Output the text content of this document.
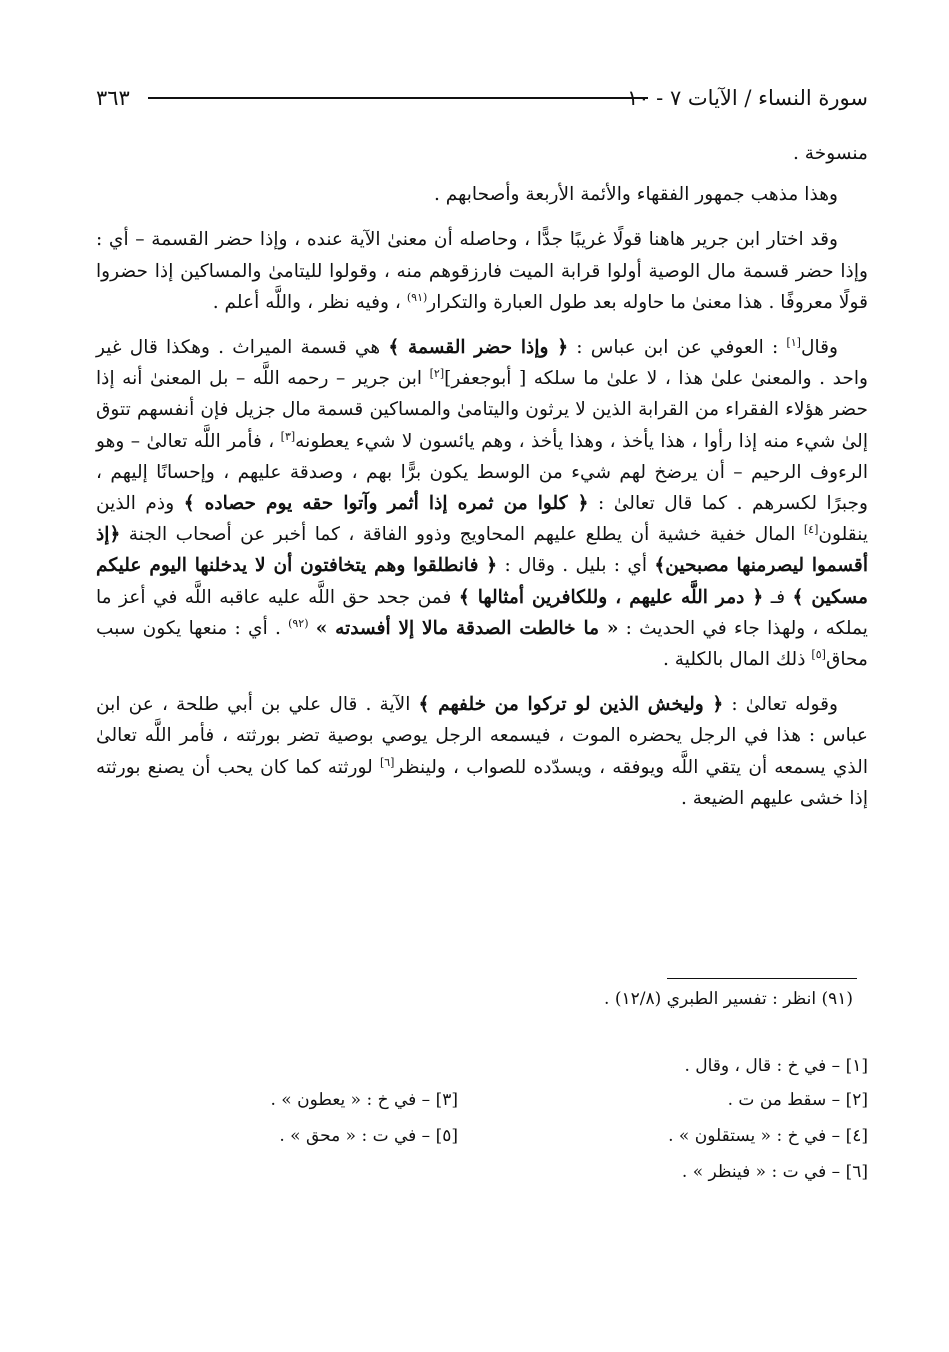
سورة النساء / الآيات ٧ - ١٠
٣٦٣

منسوخة .

وهذا مذهب جمهور الفقهاء والأئمة الأربعة وأصحابهم .

وقد اختار ابن جرير هاهنا قولًا غريبًا جدًّا ، وحاصله أن معنىٰ الآية عنده ، وإذا حضر القسمة – أي : وإذا حضر قسمة مال الوصية أولوا قرابة الميت فارزقوهم منه ، وقولوا لليتامىٰ والمساكين إذا حضروا قولًا معروفًا . هذا معنىٰ ما حاوله بعد طول العبارة والتكرار$^{(٩١)}$ ، وفيه نظر ، واللَّه أعلم .

وقال[١] : العوفي عن ابن عباس : ﴿ وإذا حضر القسمة ﴾ هي قسمة الميراث . وهكذا قال غير واحد . والمعنىٰ علىٰ هذا ، لا علىٰ ما سلكه [ أبوجعفر][٢] ابن جرير – رحمه اللَّه – بل المعنىٰ أنه إذا حضر هؤلاء الفقراء من القرابة الذين لا يرثون واليتامىٰ والمساكين قسمة مال جزيل فإن أنفسهم تتوق إلىٰ شيء منه إذا رأوا ، هذا يأخذ ، وهذا يأخذ ، وهم يائسون لا شيء يعطونه[٣] ، فأمر اللَّه تعالىٰ – وهو الرءوف الرحيم – أن يرضخ لهم شيء من الوسط يكون برًّا بهم ، وصدقة عليهم ، وإحسانًا إليهم ، وجبرًا لكسرهم . كما قال تعالىٰ : ﴿ كلوا من ثمره إذا أثمر وآتوا حقه يوم حصاده ﴾ وذم الذين ينقلون[٤] المال خفية خشية أن يطلع عليهم المحاويج وذوو الفاقة ، كما أخبر عن أصحاب الجنة ﴿إذ أقسموا ليصرمنها مصبحين﴾ أي : بليل . وقال : ﴿ فانطلقوا وهم يتخافتون أن لا يدخلنها اليوم عليكم مسكين ﴾ فـ ﴿ دمر اللَّه عليهم ، وللكافرين أمثالها ﴾ فمن جحد حق اللَّه عليه عاقبه اللَّه في أعز ما يملكه ، ولهذا جاء في الحديث : « ما خالطت الصدقة مالا إلا أفسدته » $^{(٩٢)}$ . أي : منعها يكون سبب محاق[٥] ذلك المال بالكلية .

وقوله تعالىٰ : ﴿ وليخش الذين لو تركوا من خلفهم ﴾ الآية . قال علي بن أبي طلحة ، عن ابن عباس : هذا في الرجل يحضره الموت ، فيسمعه الرجل يوصي بوصية تضر بورثته ، فأمر اللَّه تعالىٰ الذي يسمعه أن يتقي اللَّه ويوفقه ، ويسدّده للصواب ، ولينظر[٦] لورثته كما كان يحب أن يصنع بورثته إذا خشى عليهم الضيعة .

(٩١) انظر : تفسير الطبري (١٢/٨) .
[١] – في خ : قال ، وقال .
[٣] – في خ : « يعطون » .	[٢] – سقط من ت .
[٥] – في ت : « محق » .	[٤] – في خ : « يستقلون » .
[٦] – في ت : « فينظر » .
